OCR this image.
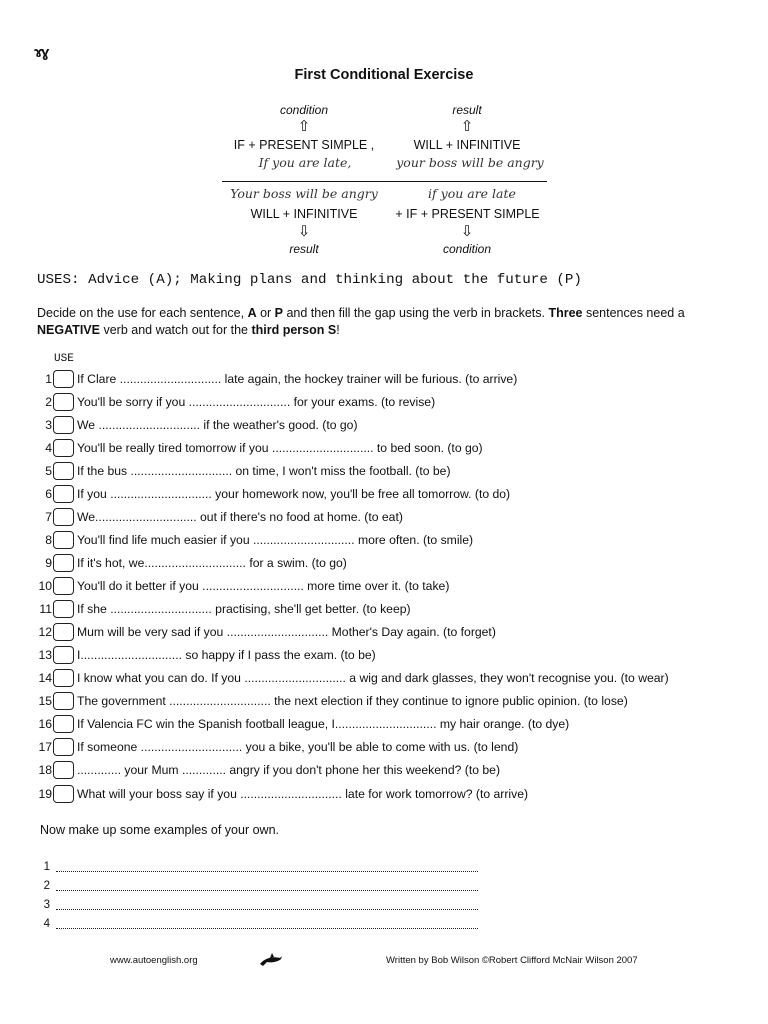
ɤɣ
First Conditional Exercise
condition	result
⇧	⇧
IF + PRESENT SIMPLE ,	WILL + INFINITIVE
If you are late,	your boss will be angry
Your boss will be angry	if you are late
WILL + INFINITIVE	+ IF + PRESENT SIMPLE
⇩	⇩
result	condition
USES: Advice (A); Making plans and thinking about the future (P)
Decide on the use for each sentence, A or P and then fill the gap using the verb in brackets. Three sentences need a NEGATIVE verb and watch out for the third person S!
USE
1 If Clare .............................. late again, the hockey trainer will be furious. (to arrive)
2 You'll be sorry if you .............................. for your exams. (to revise)
3 We .............................. if the weather's good. (to go)
4 You'll be really tired tomorrow if you .............................. to bed soon. (to go)
5 If the bus .............................. on time, I won't miss the football. (to be)
6 If you .............................. your homework now, you'll be free all tomorrow. (to do)
7 We.............................. out if there's no food at home. (to eat)
8 You'll find life much easier if you .............................. more often. (to smile)
9 If it's hot, we.............................. for a swim. (to go)
10 You'll do it better if you .............................. more time over it. (to take)
11 If she .............................. practising, she'll get better. (to keep)
12 Mum will be very sad if you .............................. Mother's Day again. (to forget)
13 I.............................. so happy if I pass the exam. (to be)
14 I know what you can do. If you .............................. a wig and dark glasses, they won't recognise you. (to wear)
15 The government .............................. the next election if they continue to ignore public opinion. (to lose)
16 If Valencia FC win the Spanish football league, I.............................. my hair orange. (to dye)
17 If someone .............................. you a bike, you'll be able to come with us. (to lend)
18 ............. your Mum ............. angry if you don't phone her this weekend? (to be)
19 What will your boss say if you .............................. late for work tomorrow? (to arrive)
Now make up some examples of your own.
1
2
3
4
www.autoenglish.org	Written by Bob Wilson ©Robert Clifford McNair Wilson 2007
